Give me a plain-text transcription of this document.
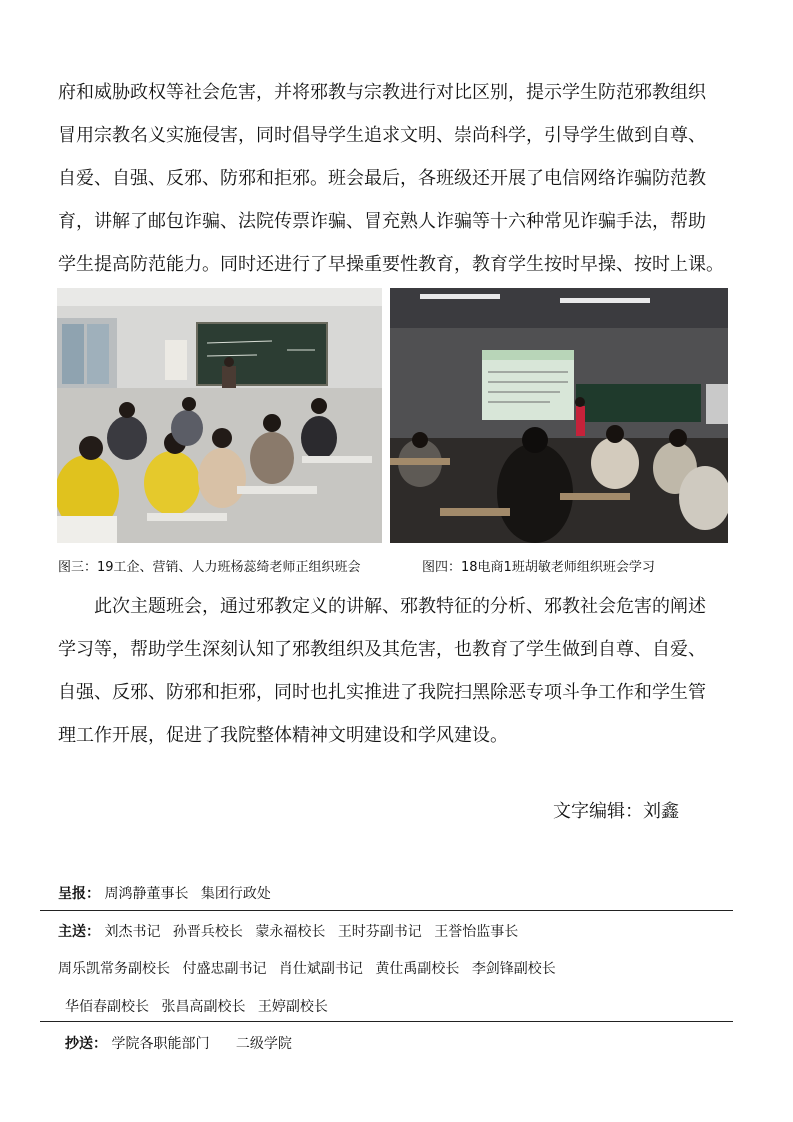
府和威胁政权等社会危害，并将邪教与宗教进行对比区别，提示学生防范邪教组织
冒用宗教名义实施侵害，同时倡导学生追求文明、崇尚科学，引导学生做到自尊、
自爱、自强、反邪、防邪和拒邪。班会最后，各班级还开展了电信网络诈骗防范教
育，讲解了邮包诈骗、法院传票诈骗、冒充熟人诈骗等十六种常见诈骗手法，帮助
学生提高防范能力。同时还进行了早操重要性教育，教育学生按时早操、按时上课。
图三：19工企、营销、人力班杨蕊绮老师正组织班会	图四：18电商1班胡敏老师组织班会学习
　　此次主题班会，通过邪教定义的讲解、邪教特征的分析、邪教社会危害的阐述
学习等，帮助学生深刻认知了邪教组织及其危害，也教育了学生做到自尊、自爱、
自强、反邪、防邪和拒邪，同时也扎实推进了我院扫黑除恶专项斗争工作和学生管
理工作开展，促进了我院整体精神文明建设和学风建设。
文字编辑：刘鑫
呈报： 周鸿静董事长 集团行政处
主送： 刘杰书记 孙晋兵校长 蒙永福校长 王时芬副书记 王誉怡监事长
周乐凯常务副校长 付盛忠副书记 肖仕斌副书记 黄仕禹副校长 李剑锋副校长
华佰春副校长 张昌高副校长 王婷副校长
抄送： 学院各职能部门 二级学院
